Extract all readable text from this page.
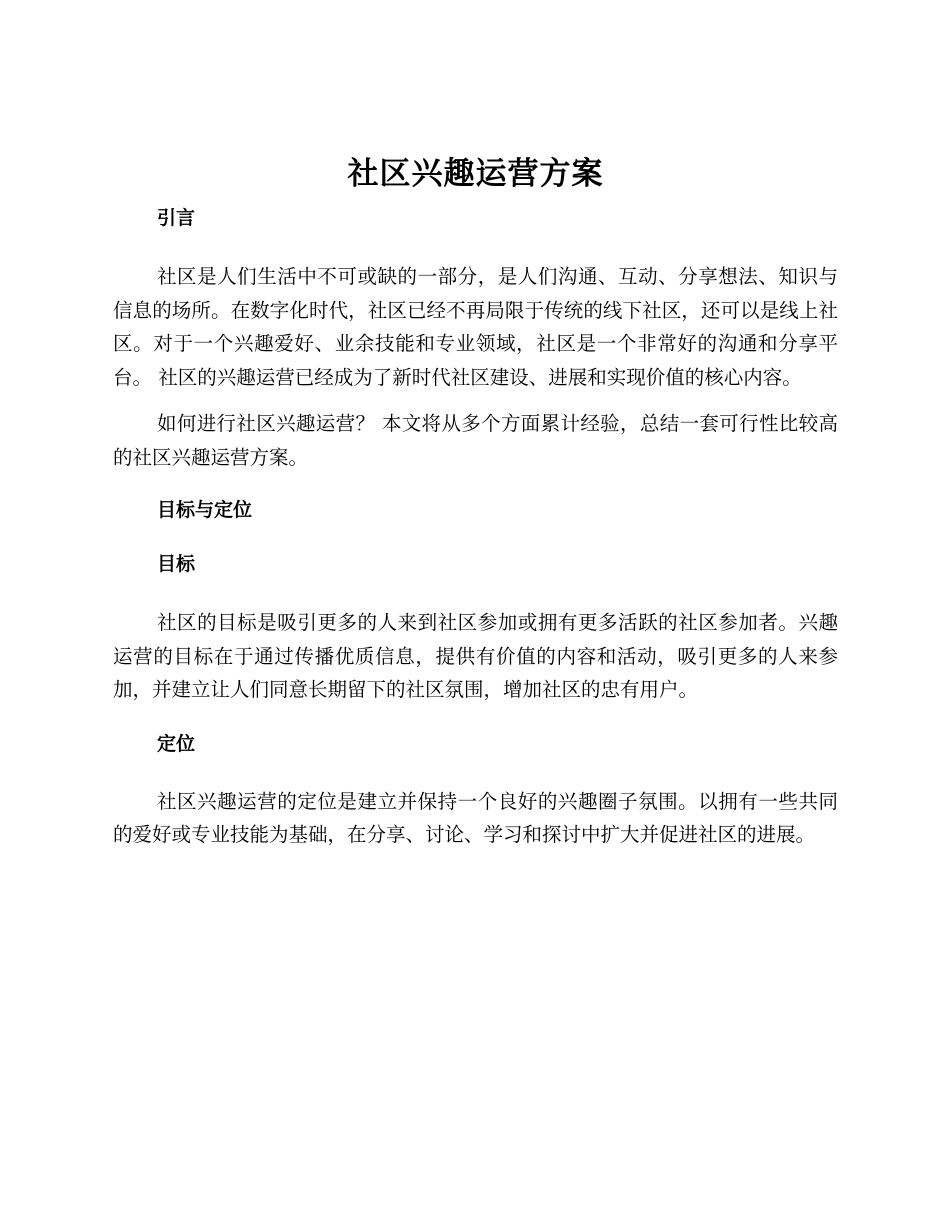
社区兴趣运营方案
引言

社区是人们生活中不可或缺的一部分，是人们沟通、互动、分享想法、知识与信息的场所。在数字化时代，社区已经不再局限于传统的线下社区，还可以是线上社区。对于一个兴趣爱好、业余技能和专业领域，社区是一个非常好的沟通和分享平台。 社区的兴趣运营已经成为了新时代社区建设、进展和实现价值的核心内容。

如何进行社区兴趣运营？ 本文将从多个方面累计经验，总结一套可行性比较高的社区兴趣运营方案。

目标与定位
目标

社区的目标是吸引更多的人来到社区参加或拥有更多活跃的社区参加者。兴趣运营的目标在于通过传播优质信息，提供有价值的内容和活动，吸引更多的人来参加，并建立让人们同意长期留下的社区氛围，增加社区的忠有用户。

定位

社区兴趣运营的定位是建立并保持一个良好的兴趣圈子氛围。以拥有一些共同的爱好或专业技能为基础，在分享、讨论、学习和探讨中扩大并促进社区的进展。
